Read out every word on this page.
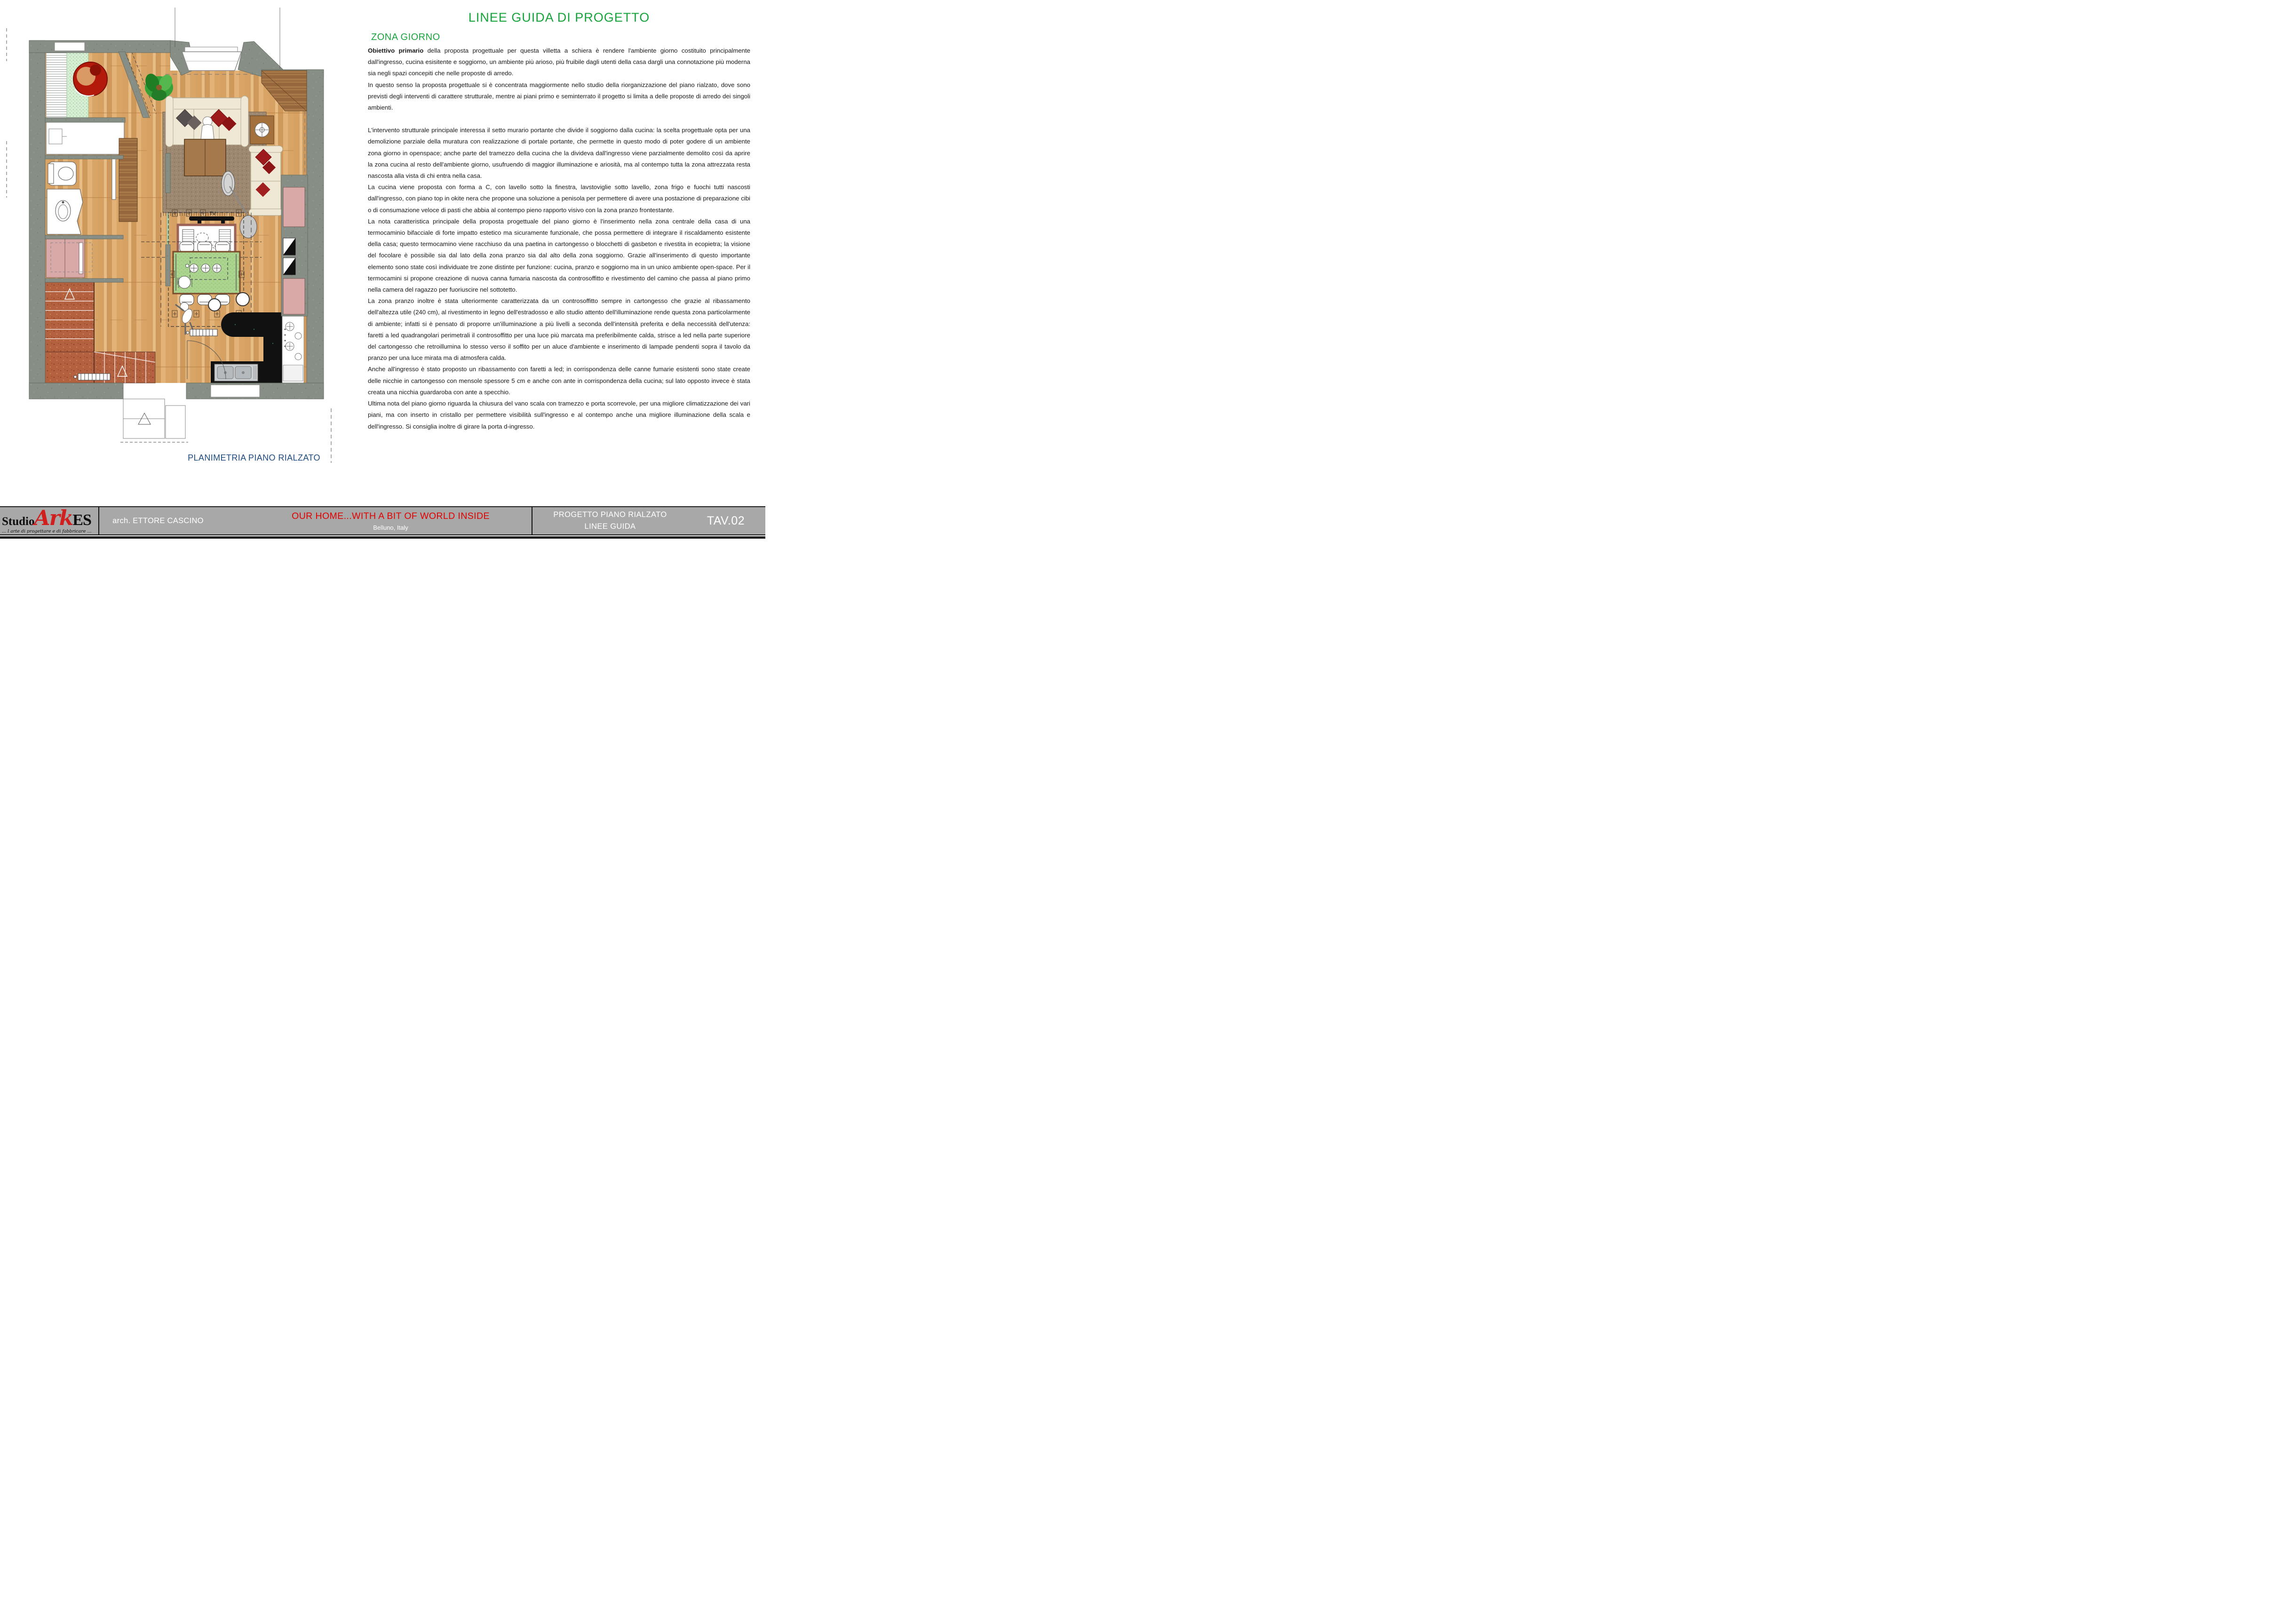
LINEE GUIDA DI PROGETTO
ZONA GIORNO

Obiettivo primario della proposta progettuale per questa villetta a schiera è rendere l'ambiente giorno costituito principalmente dall'ingresso, cucina esisitente e soggiorno, un ambiente più arioso, più fruibile dagli utenti della casa dargli una connotazione più moderna sia negli spazi concepiti che nelle proposte di arredo.

In questo senso la proposta progettuale si è concentrata maggiormente nello studio della riorganizzazione del piano rialzato, dove sono previsti degli interventi di carattere strutturale, mentre ai piani primo e seminterrato il progetto si limita a delle proposte di arredo dei singoli ambienti.

L'intervento strutturale principale interessa il setto murario portante che divide il soggiorno dalla cucina: la scelta progettuale opta per una demolizione parziale della muratura con realizzazione di portale portante, che permette in questo modo di poter godere di un ambiente zona giorno in openspace; anche parte del tramezzo della cucina che la divideva dall'ingresso viene parzialmente demolito così da aprire la zona cucina al resto dell'ambiente giorno, usufruendo di maggior illuminazione e ariosità, ma al contempo tutta la zona attrezzata resta nascosta alla vista di chi entra nella casa.

La cucina viene proposta con forma a C, con lavello sotto la finestra, lavstoviglie sotto lavello, zona frigo e fuochi tutti nascosti dall'ingresso, con piano top in okite nera che propone una soluzione a penisola per permettere di avere una postazione di preparazione cibi o di consumazione veloce di pasti che abbia al contempo pieno rapporto visivo con la zona pranzo frontestante.

La nota caratteristica principale della proposta progettuale del piano giorno è l'inserimento nella zona centrale della casa di una termocaminio bifacciale di forte impatto estetico ma sicuramente funzionale, che possa permettere di integrare il riscaldamento esistente della casa; questo termocamino viene racchiuso da una paetina in cartongesso o blocchetti di gasbeton e rivestita in ecopietra; la visione del focolare è possibile sia dal lato della zona pranzo sia dal alto della zona soggiorno. Grazie all'inserimento di questo importante elemento sono state così individuate tre zone distinte per funzione: cucina, pranzo e soggiorno ma in un unico ambiente open-space. Per il termocamini si propone creazione di nuova canna fumaria nascosta da controsoffitto e rivestimento del camino che passa al piano primo nella camera del ragazzo per fuoriuscire nel sottotetto.

La zona pranzo inoltre è stata ulteriormente caratterizzata da un controsoffitto sempre in cartongesso che grazie al ribassamento dell'altezza utile (240 cm), al rivestimento in legno dell'estradosso e allo studio attento dell'illuminazione rende questa zona particolarmente di ambiente; infatti si è pensato di proporre un'illuminazione a più livelli a seconda dell'intensità preferita e della neccessità dell'utenza: faretti a led quadrangolari perimetrali il controsoffitto per una luce più marcata ma preferibilmente calda, strisce a led nella parte superiore del cartongesso che retroillumina lo stesso verso il soffito per un aluce d'ambiente e inserimento di lampade pendenti sopra il tavolo da pranzo per una luce mirata ma di atmosfera calda.

Anche all'ingresso è stato proposto un ribassamento con faretti a led; in corrispondenza delle canne fumarie esistenti sono state create delle nicchie in cartongesso con mensole spessore 5 cm e anche con ante in corrispondenza della cucina; sul lato opposto invece è stata creata una nicchia guardaroba con ante a specchio.

Ultima nota del piano giorno riguarda la chiusura del vano scala con tramezzo e porta scorrevole, per una migliore climatizzazione dei vari piani, ma con inserto in cristallo per permettere visibilità sull'ingresso e al contempo anche una migliore illuminazione della scala e dell'ingresso. Si consiglia inoltre di girare la porta d-ingresso.

TV
PLANIMETRIA PIANO RIALZATO
Studio Ark ES
... l arte di progettare e di fabbricare ...
arch. ETTORE CASCINO	OUR HOME...WITH A BIT OF WORLD INSIDE
Belluno, Italy
PROGETTO PIANO RIALZATO
LINEE GUIDA	TAV.02
